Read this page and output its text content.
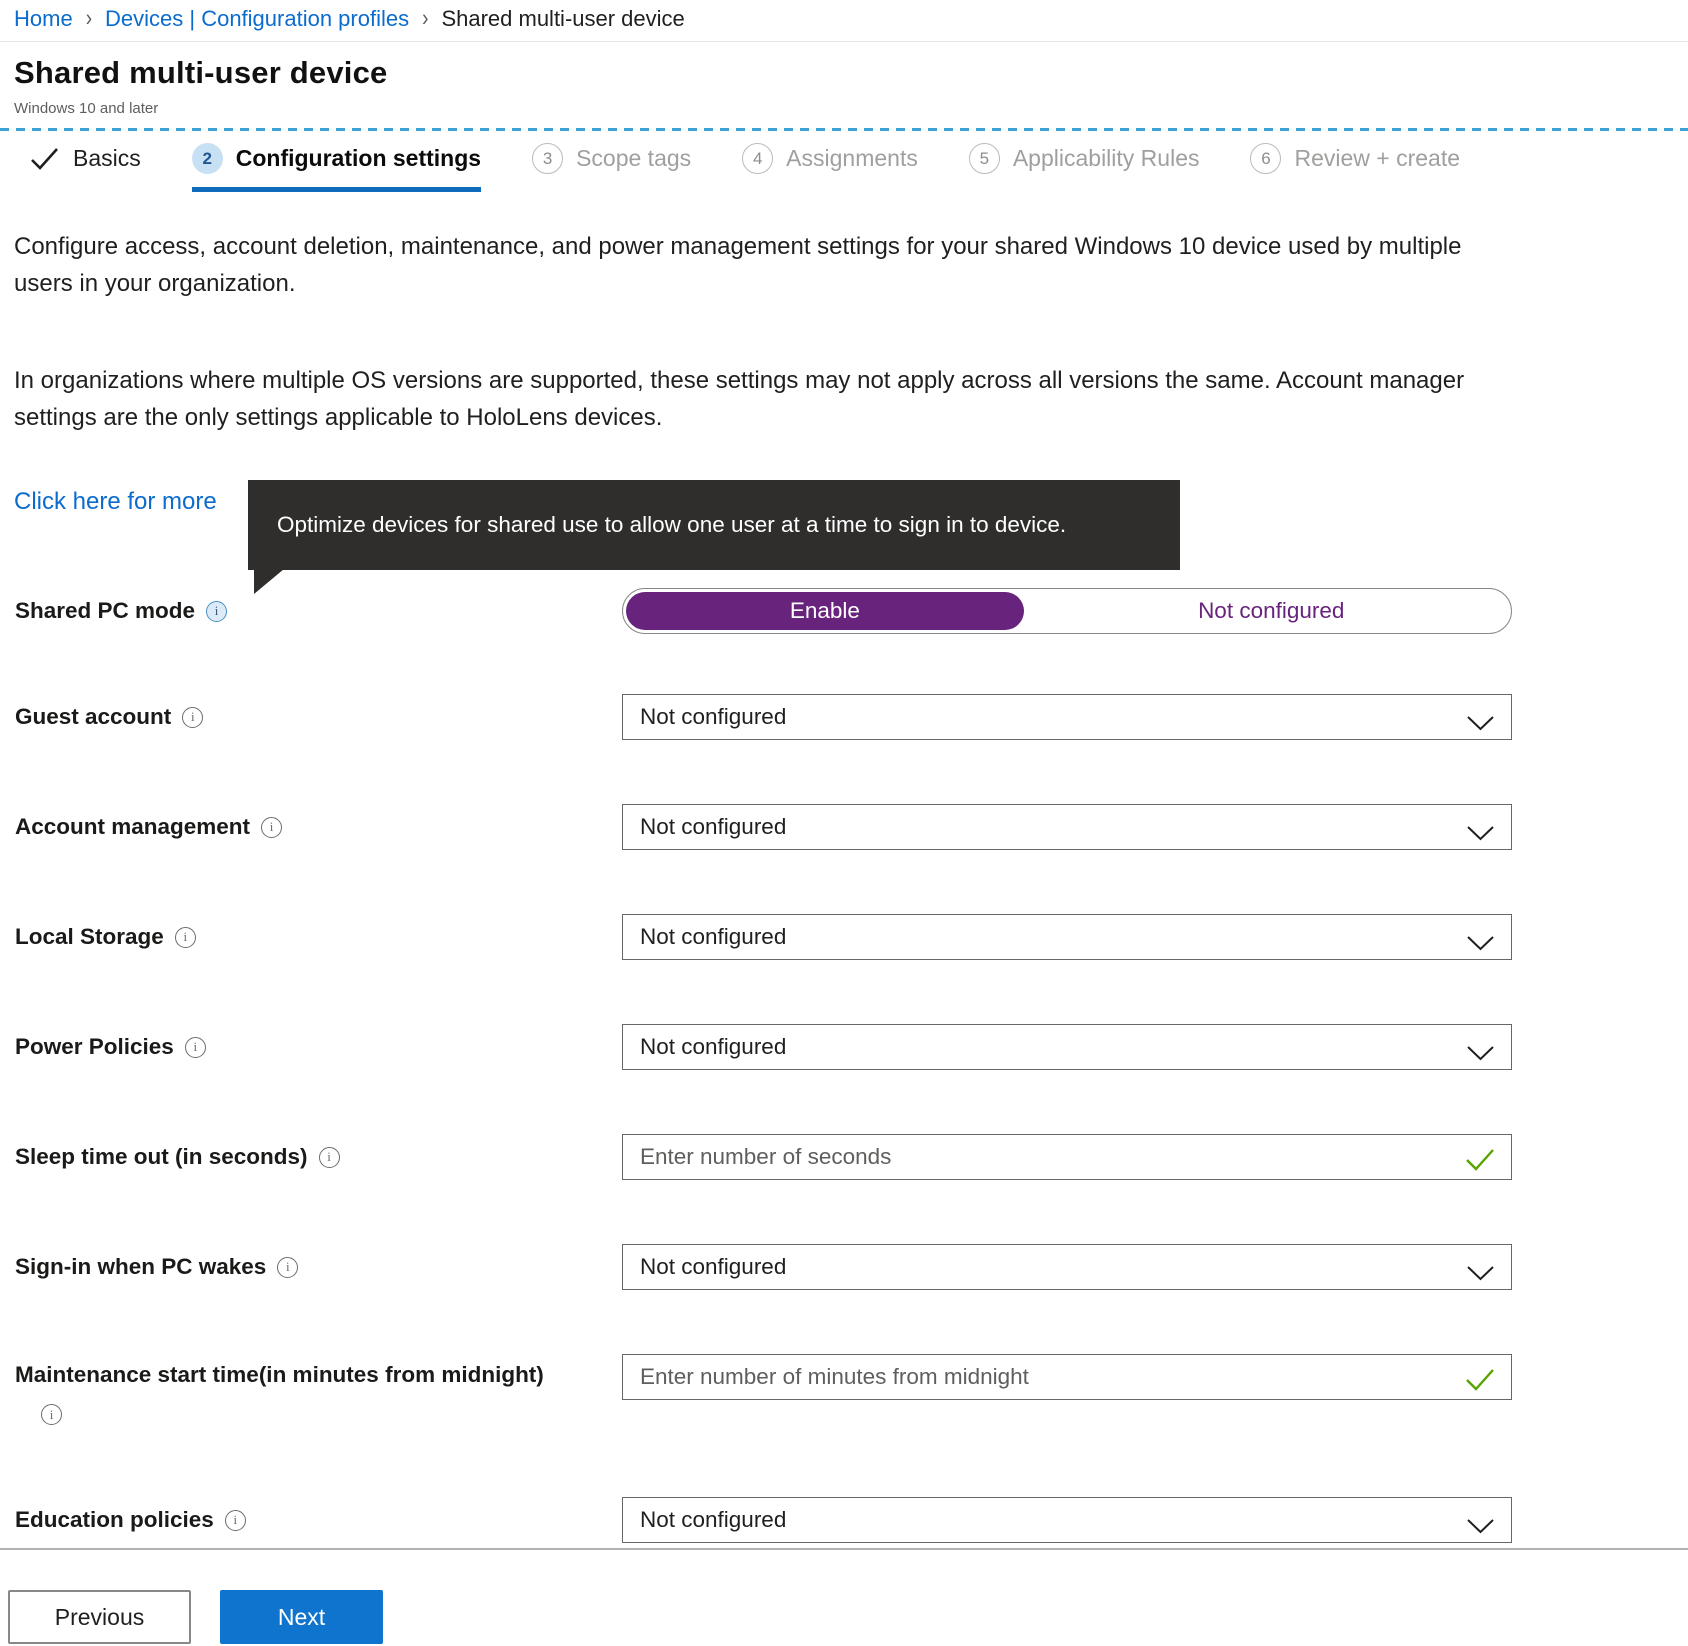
Home › Devices | Configuration profiles › Shared multi-user device
Shared multi-user device
Windows 10 and later
Basics	2	Configuration settings	3	Scope tags	4	Assignments	5	Applicability Rules	6	Review + create
Configure access, account deletion, maintenance, and power management settings for your shared Windows 10 device used by multiple users in your organization.
In organizations where multiple OS versions are supported, these settings may not apply across all versions the same. Account manager settings are the only settings applicable to HoloLens devices.
Click here for more
Optimize devices for shared use to allow one user at a time to sign in to device.
Shared PC mode i	Enable	Not configured
Guest account i	Not configured
Account management i	Not configured
Local Storage i	Not configured
Power Policies i	Not configured
Sleep time out (in seconds) i	Enter number of seconds
Sign-in when PC wakes i	Not configured
Maintenance start time(in minutes from midnight)
i	Enter number of minutes from midnight
Education policies i	Not configured
Previous	Next
